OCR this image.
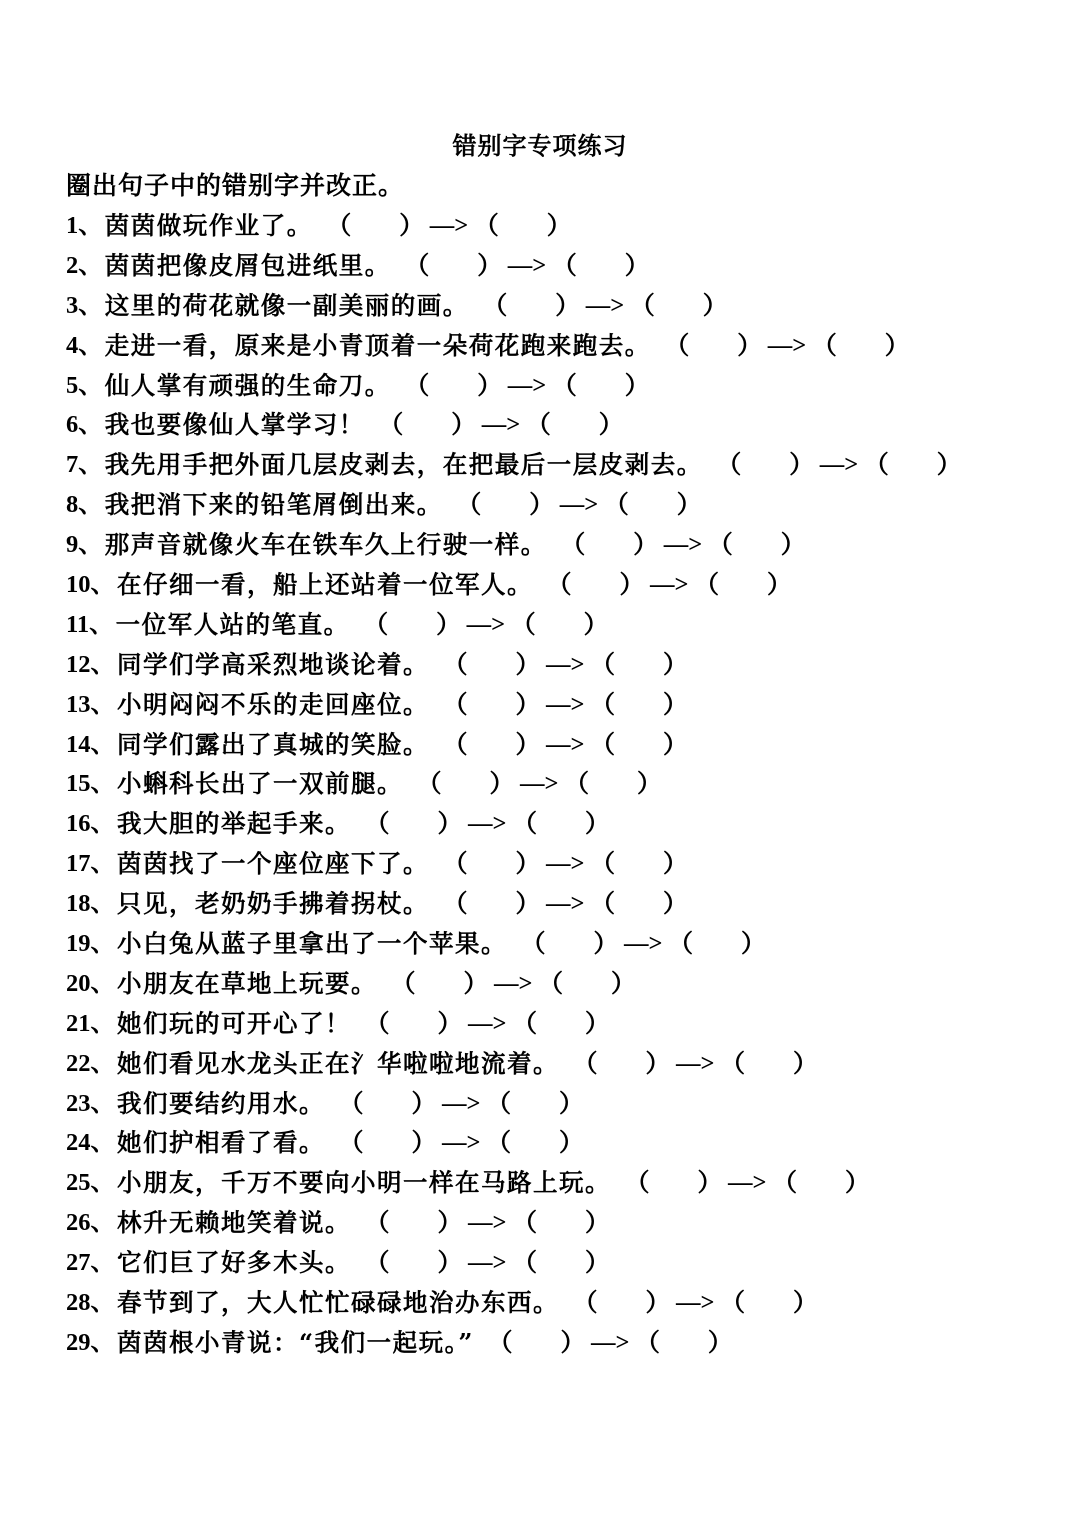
错别字专项练习
圈出句子中的错别字并改正。
1、 茵茵做玩作业了。 （ ） —> （ ）
2、 茵茵把像皮屑包进纸里。 （ ） —> （ ）
3、 这里的荷花就像一副美丽的画。 （ ） —> （ ）
4、 走进一看，原来是小青顶着一朵荷花跑来跑去。 （ ） —> （ ）
5、 仙人掌有顽强的生命刀。 （ ） —> （ ）
6、 我也要像仙人掌学习！ （ ） —> （ ）
7、 我先用手把外面几层皮剥去，在把最后一层皮剥去。 （ ） —> （ ）
8、 我把消下来的铅笔屑倒出来。 （ ） —> （ ）
9、 那声音就像火车在铁车久上行驶一样。 （ ） —> （ ）
10、 在仔细一看，船上还站着一位军人。 （ ） —> （ ）
11、 一位军人站的笔直。 （ ） —> （ ）
12、 同学们学高采烈地谈论着。 （ ） —> （ ）
13、 小明闷闷不乐的走回座位。 （ ） —> （ ）
14、 同学们露出了真城的笑脸。 （ ） —> （ ）
15、 小蝌科长出了一双前腿。 （ ） —> （ ）
16、 我大胆的举起手来。 （ ） —> （ ）
17、 茵茵找了一个座位座下了。 （ ） —> （ ）
18、 只见，老奶奶手拂着拐杖。 （ ） —> （ ）
19、 小白兔从蓝子里拿出了一个苹果。 （ ） —> （ ）
20、 小朋友在草地上玩要。 （ ） —> （ ）
21、 她们玩的可开心了！ （ ） —> （ ）
22、 她们看见水龙头正在氵华啦啦地流着。 （ ） —> （ ）
23、 我们要结约用水。 （ ） —> （ ）
24、 她们护相看了看。 （ ） —> （ ）
25、 小朋友，千万不要向小明一样在马路上玩。 （ ） —> （ ）
26、 林升无赖地笑着说。 （ ） —> （ ）
27、 它们巨了好多木头。 （ ） —> （ ）
28、 春节到了，大人忙忙碌碌地治办东西。 （ ） —> （ ）
29、 茵茵根小青说：“我们一起玩。” （ ） —> （ ）
